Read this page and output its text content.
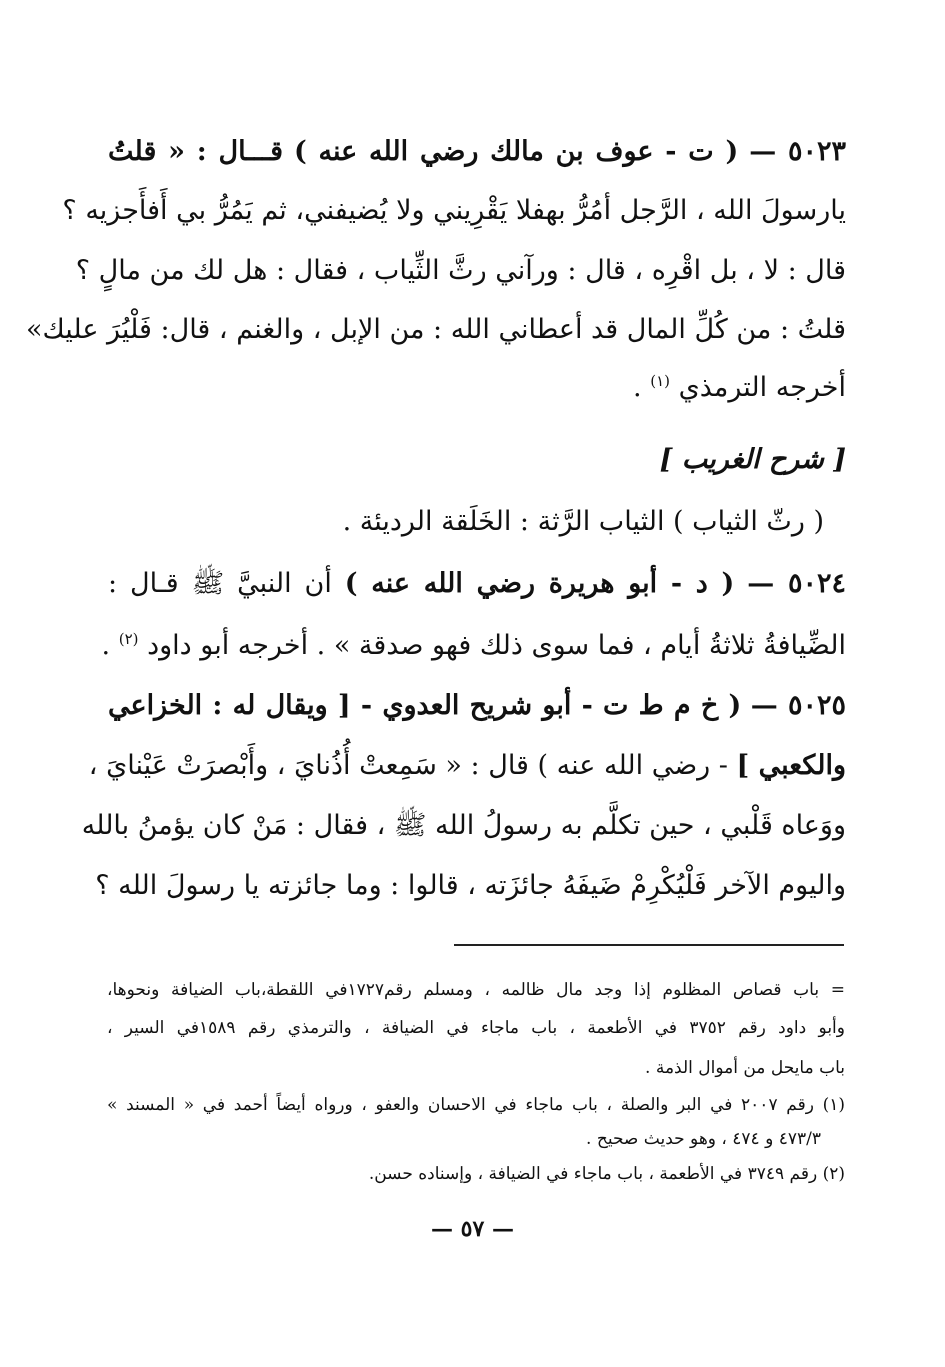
٥٠٢٣ — ( ت - عوف بن مالك رضي الله عنه ) قـــال : « قلتُ
يارسولَ الله ، الرَّجل أمُرُّ بهفلا يَقْرِيني ولا يُضيفني، ثم يَمُرُّ بي أَفأَجزيه ؟
قال : لا ، بل اقْرِه ، قال : ورآني رثَّ الثِّياب ، فقال : هل لك من مالٍ ؟
قلتُ : من كُلِّ المال قد أعطاني الله : من الإبل ، والغنم ، قال: فَلْيُرَ عليك»
أخرجه الترمذي $^{(١)}$ .
[ شرح الغريب ]
( رثّ الثياب ) الثياب الرَّثة : الخَلَقة الرديئة .
٥٠٢٤ — ( د - أبو هريرة رضي الله عنه ) أن النبيَّ ﷺ قـال :
الضِّيافةُ ثلاثةُ أيام ، فما سوى ذلك فهو صدقة » . أخرجه أبو داود $^{(٢)}$ .
٥٠٢٥ — ( خ م ط ت - أبو شريح العدوي - [ ويقال له : الخزاعي
والكعبي ] - رضي الله عنه ) قال : « سَمِعتْ أُذُنايَ ، وأَبْصرَتْ عَيْنايَ ،
ووَعاه قَلْبي ، حين تكلَّم به رسولُ الله ﷺ ، فقال : مَنْ كان يؤمنُ بالله
واليوم الآخر فَلْيُكْرِمْ ضَيفَهُ جائزَته ، قالوا : وما جائزته يا رسولَ الله ؟
= باب قصاص المظلوم إذا وجد مال ظالمه ، ومسلم رقم١٧٢٧في اللقطة،باب الضيافة ونحوها،
وأبو داود رقم ٣٧٥٢ في الأطعمة ، باب ماجاء في الضيافة ، والترمذي رقم ١٥٨٩في السير ،
باب مايحل من أموال الذمة .
(١) رقم ٢٠٠٧ في البر والصلة ، باب ماجاء في الاحسان والعفو ، ورواه أيضاً أحمد في « المسند »
٤٧٣/٣ و ٤٧٤ ، وهو حديث صحيح .
(٢) رقم ٣٧٤٩ في الأطعمة ، باب ماجاء في الضيافة ، وإسناده حسن.
— ٥٧ —
